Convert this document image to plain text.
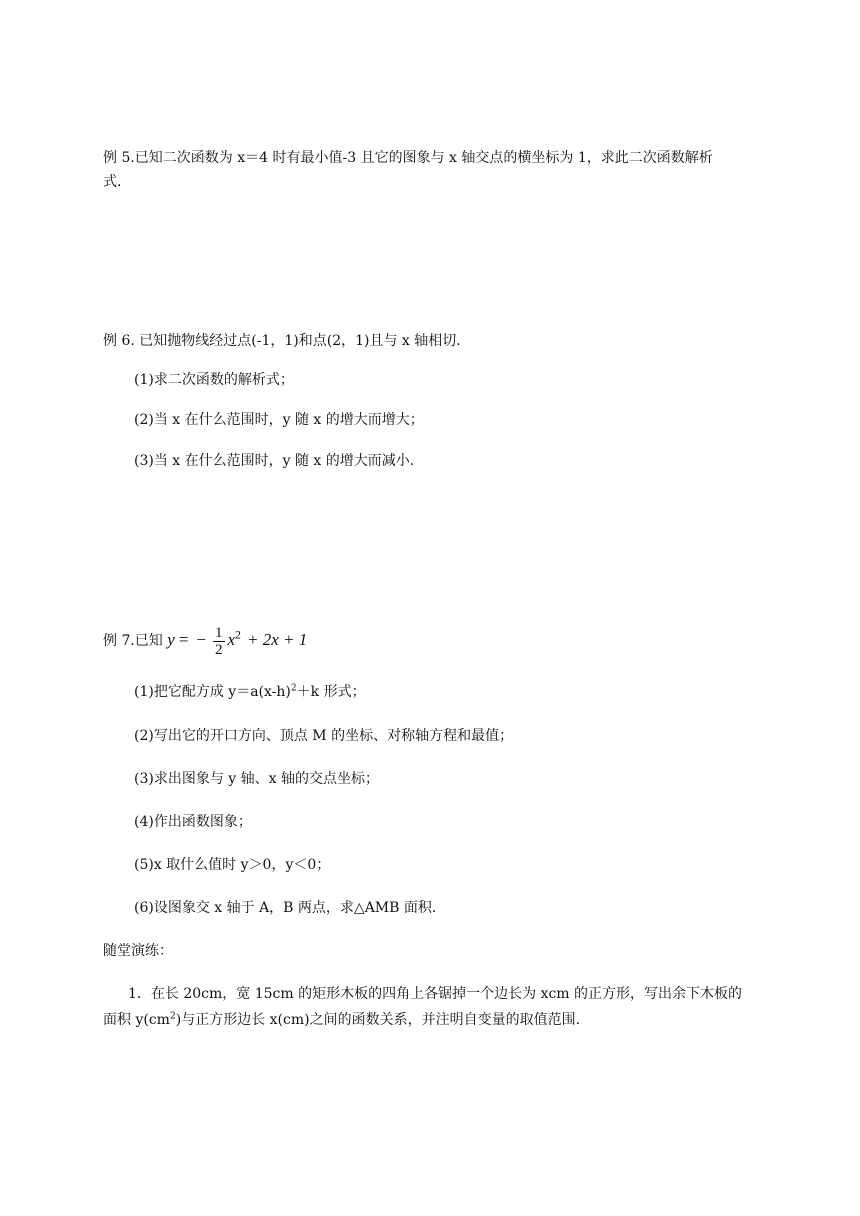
例 5.已知二次函数为 x＝4 时有最小值-3 且它的图象与 x 轴交点的横坐标为 1，求此二次函数解析
式.
例 6. 已知抛物线经过点(-1，1)和点(2，1)且与 x 轴相切.
(1)求二次函数的解析式；
(2)当 x 在什么范围时，y 随 x 的增大而增大；
(3)当 x 在什么范围时，y 随 x 的增大而减小.
例 7.已知 y = − $\frac{1}{2} x^2 + 2x + 1$
(1)把它配方成 $y=a(x-h)^2+k$ 形式；
(2)写出它的开口方向、顶点 M 的坐标、对称轴方程和最值；
(3)求出图象与 y 轴、x 轴的交点坐标；
(4)作出函数图象；
(5)x 取什么值时 y＞0，y＜0；
(6)设图象交 x 轴于 A，B 两点，求△AMB 面积.
随堂演练：
1．在长 20cm，宽 15cm 的矩形木板的四角上各锯掉一个边长为 xcm 的正方形，写出余下木板的
面积 $y(cm^2)$与正方形边长 x(cm)之间的函数关系，并注明自变量的取值范围.
